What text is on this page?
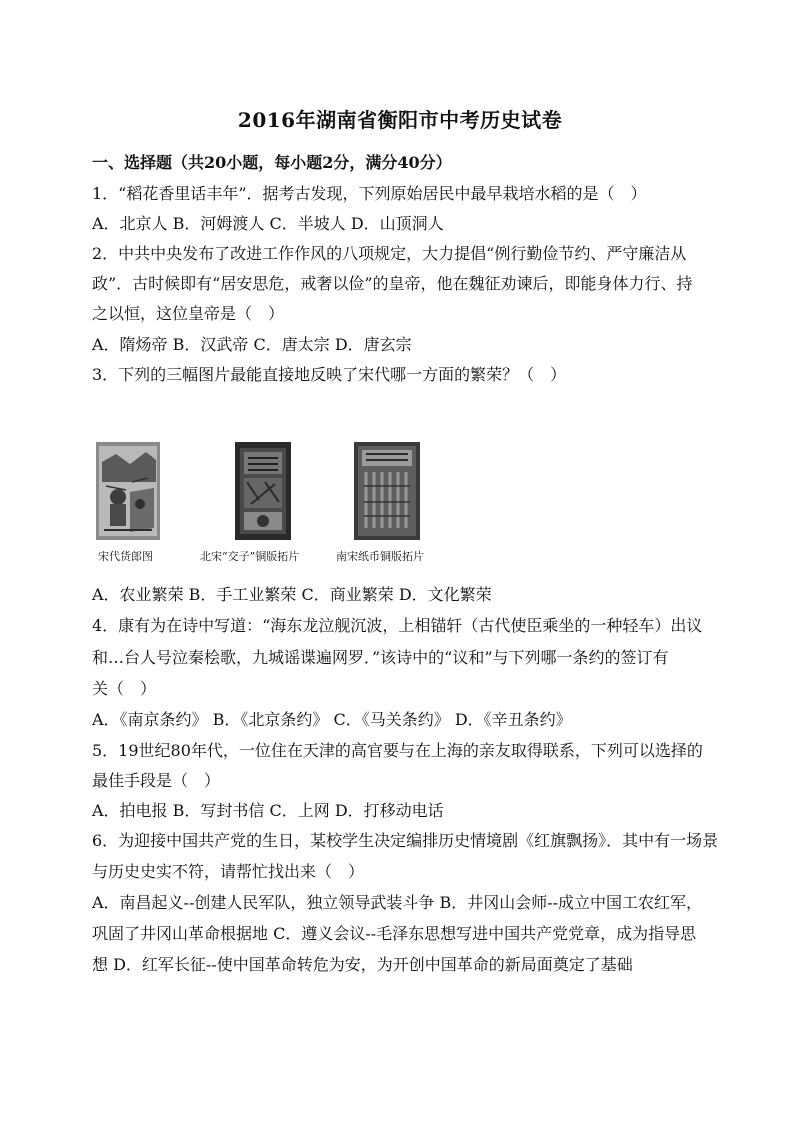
2016年湖南省衡阳市中考历史试卷
一、选择题（共20小题，每小题2分，满分40分）
1．“稻花香里话丰年”．据考古发现，下列原始居民中最早栽培水稻的是（　）
A．北京人 B．河姆渡人 C．半坡人 D．山顶洞人
2．中共中央发布了改进工作作风的八项规定，大力提倡“例行勤俭节约、严守廉洁从
政”．古时候即有“居安思危，戒奢以俭”的皇帝，他在魏征劝谏后，即能身体力行、持
之以恒，这位皇帝是（　）
A．隋炀帝 B．汉武帝 C．唐太宗 D．唐玄宗
3．下列的三幅图片最能直接地反映了宋代哪一方面的繁荣？（　）
宋代货郎图	北宋“交子”铜版拓片	南宋纸币铜版拓片
A．农业繁荣 B．手工业繁荣 C．商业繁荣 D．文化繁荣
4．康有为在诗中写道：“海东龙泣舰沉波，上相锚轩（古代使臣乘坐的一种轻车）出议
和…台人号泣秦桧歌，九城谣谍遍网罗．”该诗中的“议和”与下列哪一条约的签订有
关（　）
A．《南京条约》 B．《北京条约》 C．《马关条约》 D．《辛丑条约》
5．19世纪80年代，一位住在天津的高官要与在上海的亲友取得联系，下列可以选择的
最佳手段是（　）
A．拍电报 B．写封书信 C．上网 D．打移动电话
6．为迎接中国共产党的生日，某校学生决定编排历史情境剧《红旗飘扬》．其中有一场景
与历史史实不符，请帮忙找出来（　）
A．南昌起义--创建人民军队，独立领导武装斗争 B．井冈山会师--成立中国工农红军，
巩固了井冈山革命根据地 C．遵义会议--毛泽东思想写进中国共产党党章，成为指导思
想 D．红军长征--使中国革命转危为安，为开创中国革命的新局面奠定了基础
